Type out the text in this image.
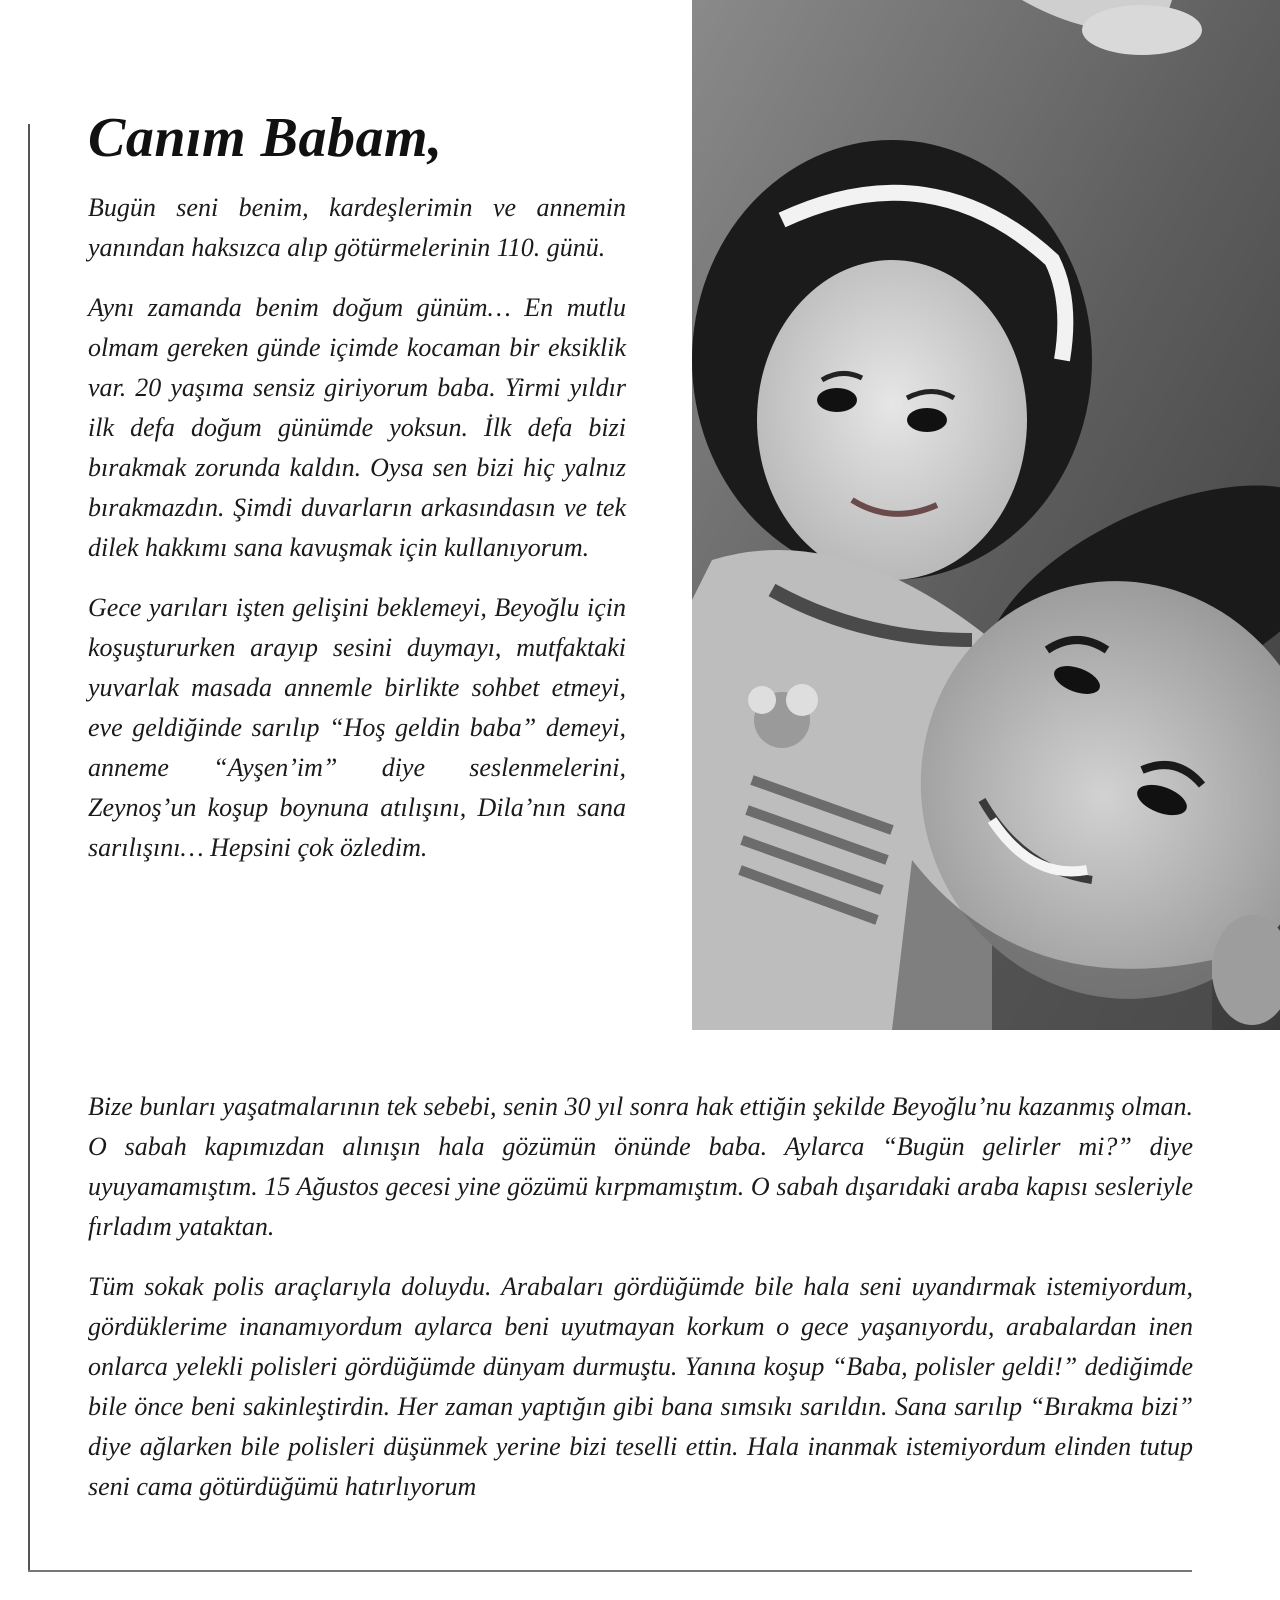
Canım Babam,

Bugün seni benim, kardeşlerimin ve annemin yanından haksızca alıp götürmelerinin 110. günü.

Aynı zamanda benim doğum günüm… En mutlu olmam gereken günde içimde kocaman bir eksiklik var. 20 yaşıma sensiz giriyorum baba. Yirmi yıldır ilk defa doğum günümde yoksun. İlk defa bizi bırakmak zorunda kaldın. Oysa sen bizi hiç yalnız bırakmazdın. Şimdi duvarların arkasındasın ve tek dilek hakkımı sana kavuşmak için kullanıyorum.

Gece yarıları işten gelişini beklemeyi, Beyoğlu için koşuştururken arayıp sesini duymayı, mutfaktaki yuvarlak masada annemle birlikte sohbet etmeyi, eve geldiğinde sarılıp “Hoş geldin baba” demeyi, anneme “Ayşen’im” diye seslenmelerini, Zeynoş’un koşup boynuna atılışını, Dila’nın sana sarılışını… Hepsini çok özledim.

Bize bunları yaşatmalarının tek sebebi, senin 30 yıl sonra hak ettiğin şekilde Beyoğlu’nu kazanmış olman. O sabah kapımızdan alınışın hala gözümün önünde baba. Aylarca “Bugün gelirler mi?” diye uyuyamamıştım. 15 Ağustos gecesi yine gözümü kırpmamıştım. O sabah dışarıdaki araba kapısı sesleriyle fırladım yataktan.

Tüm sokak polis araçlarıyla doluydu. Arabaları gördüğümde bile hala seni uyandırmak istemiyordum, gördüklerime inanamıyordum aylarca beni uyutmayan korkum o gece yaşanıyordu, arabalardan inen onlarca yelekli polisleri gördüğümde dünyam durmuştu. Yanına koşup “Baba, polisler geldi!” dediğimde bile önce beni sakinleştirdin. Her zaman yaptığın gibi bana sımsıkı sarıldın. Sana sarılıp “Bırakma bizi” diye ağlarken bile polisleri düşünmek yerine bizi teselli ettin. Hala inanmak istemiyordum elinden tutup seni cama götürdüğümü hatırlıyorum
